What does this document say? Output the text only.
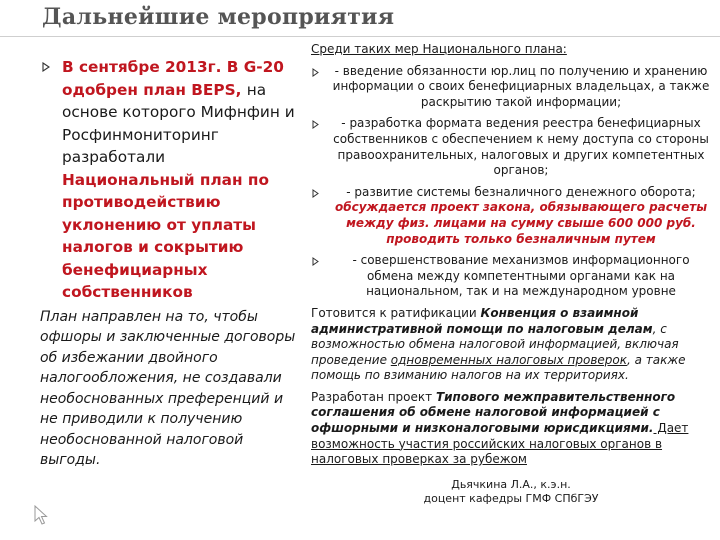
Дальнейшие мероприятия
В сентябре 2013г. В G-20 одобрен план BEPS, на основе которого Мифнфин и Росфинмониторинг разработали Национальный план по противодействию уклонению от уплаты налогов и сокрытию бенефициарных собственников
План направлен на то, чтобы офшоры и заключенные договоры об избежании двойного налогообложения, не создавали необоснованных преференций и не приводили к получению необоснованной налоговой выгоды.
Среди таких мер Национального плана:
- введение обязанности юр.лиц по получению и хранению информации о своих бенефициарных владельцах, а также раскрытию такой информации;
- разработка формата ведения реестра бенефициарных собственников с обеспечением к нему доступа со стороны правоохранительных, налоговых и других компетентных органов;
- развитие системы безналичного денежного оборота;
обсуждается проект закона, обязывающего расчеты между физ. лицами на сумму свыше 600 000 руб. проводить только безналичным путем
- совершенствование механизмов информационного обмена между компетентными органами как на национальном, так и на международном уровне
Готовится к ратификации Конвенция о взаимной административной помощи по налоговым делам, с возможностью обмена налоговой информацией, включая проведение одновременных налоговых проверок, а также помощь по взиманию налогов на их территориях.
Разработан проект Типового межправительственного соглашения об обмене налоговой информацией с офшорными и низконалоговыми юрисдикциями. Дает возможность участия российских налоговых органов в налоговых проверках за рубежом
Дьячкина Л.А., к.э.н.
доцент кафедры ГМФ СПбГЭУ
